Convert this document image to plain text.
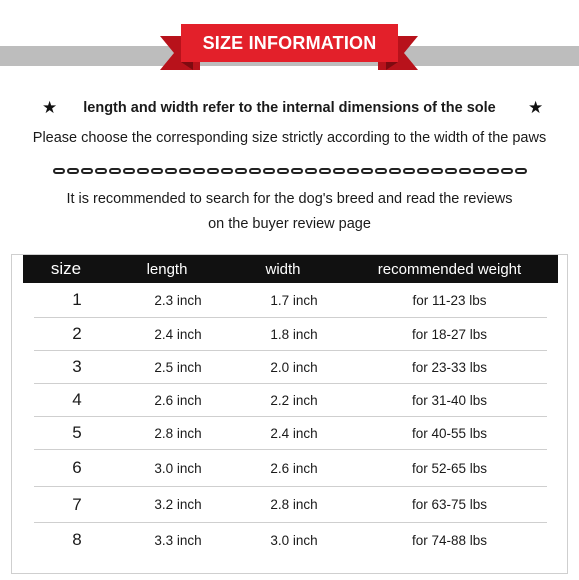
SIZE INFORMATION
★	length and width refer to the internal dimensions of the sole	★
Please choose the corresponding size strictly according to the width of the paws
It is recommended to search for the dog's breed and read the reviews
on the buyer review page
size	length	width	recommended weight
1	2.3 inch	1.7 inch	for 11-23 lbs
2	2.4 inch	1.8 inch	for 18-27 lbs
3	2.5 inch	2.0 inch	for 23-33 lbs
4	2.6 inch	2.2 inch	for 31-40 lbs
5	2.8 inch	2.4 inch	for 40-55 lbs
6	3.0 inch	2.6 inch	for 52-65 lbs
7	3.2 inch	2.8 inch	for 63-75 lbs
8	3.3 inch	3.0 inch	for 74-88 lbs
